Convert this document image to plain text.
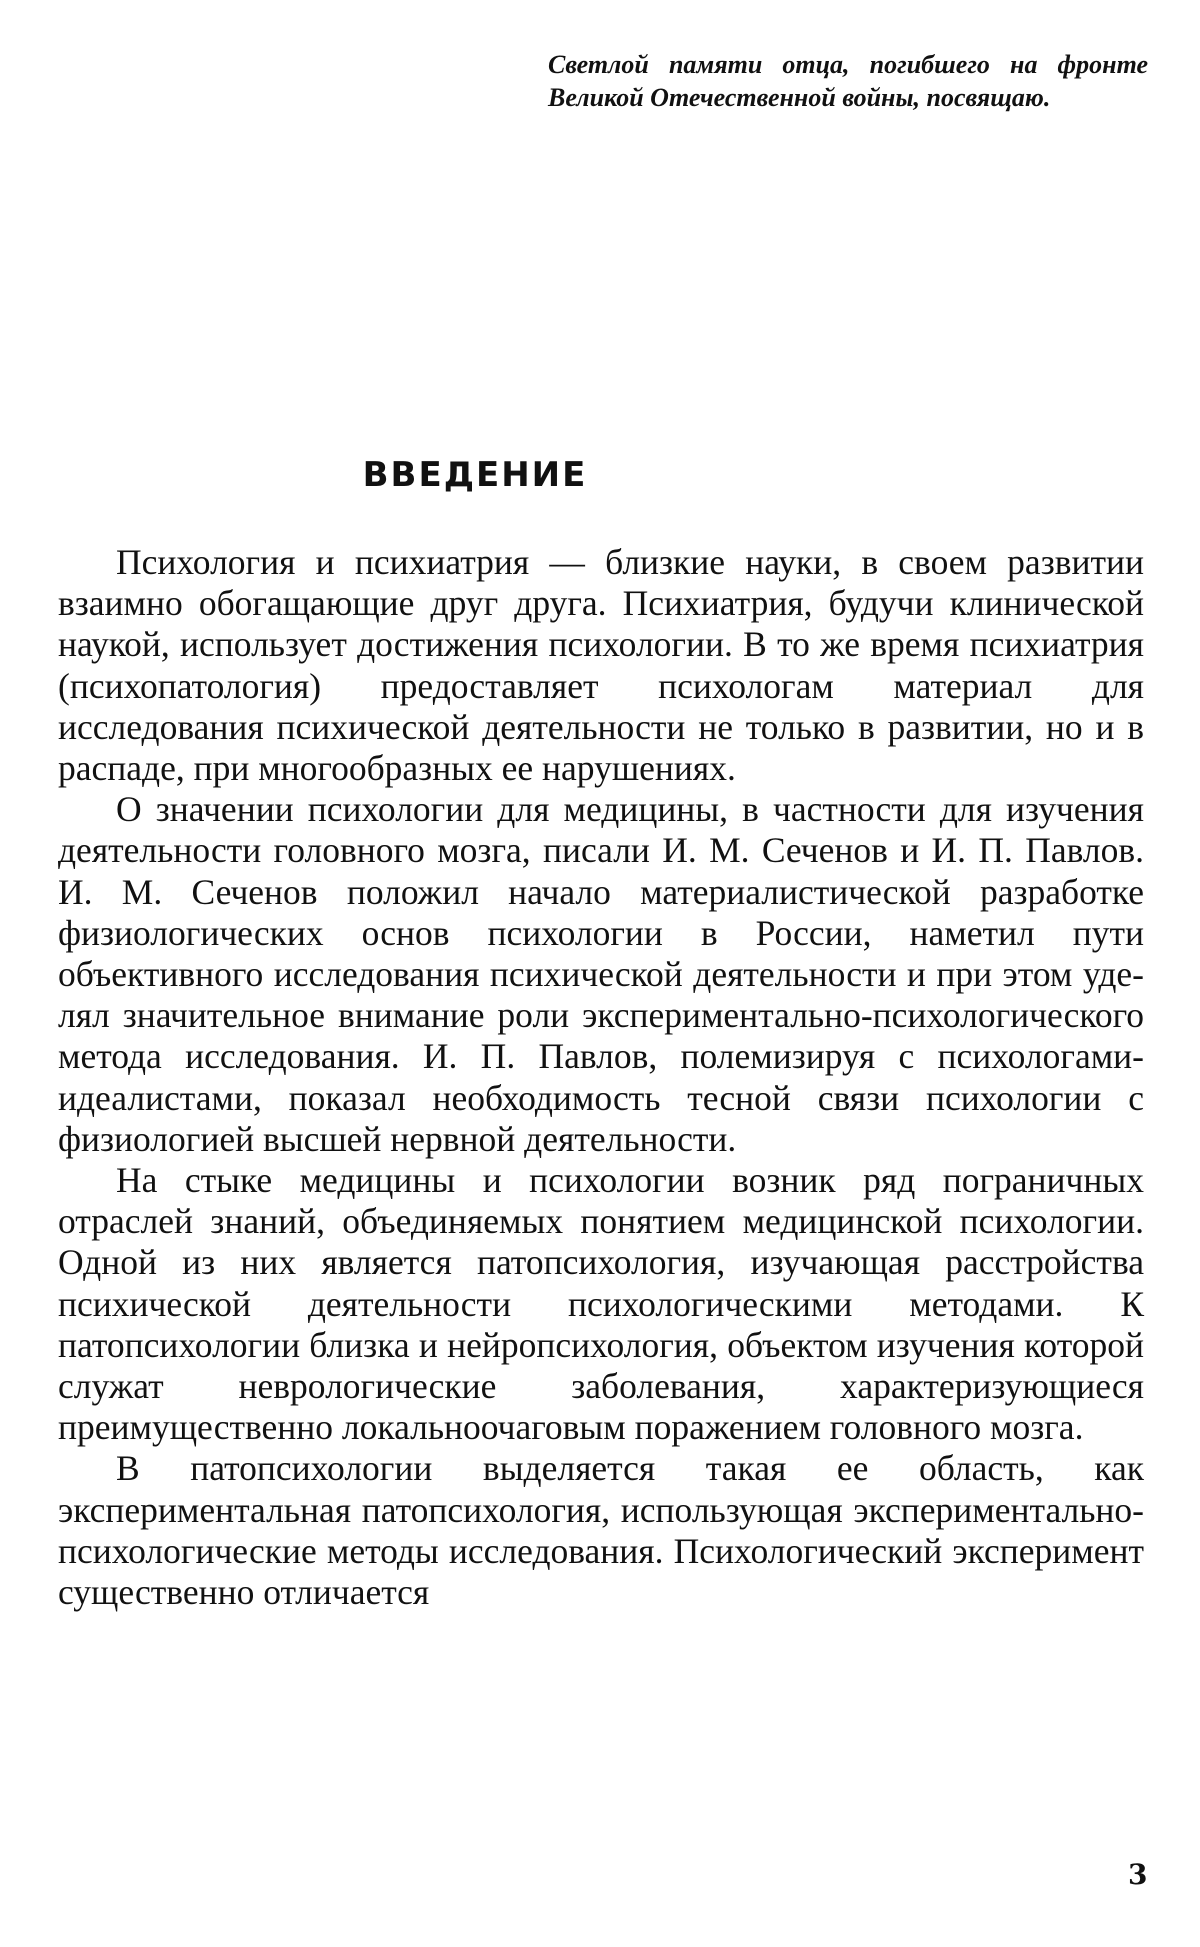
Светлой памяти отца, погибшего на фронте Великой Отечественной войны, посвящаю.
ВВЕДЕНИЕ

Психология и психиатрия — близкие науки, в своем развитии взаимно обогащающие друг друга. Психиатрия, будучи клинической наукой, использует достижения психологии. В то же время психиатрия (психопатология) предоставляет психологам материал для исследования психической деятельности не только в развитии, но и в распаде, при многообразных ее нарушениях.

О значении психологии для медицины, в частности для изучения деятельности головного мозга, писали И. М. Сеченов и И. П. Павлов. И. М. Сеченов положил начало материалистической разработке физиологических основ психологии в России, наметил пути объективного исследования психической деятельности и при этом уделял значительное внимание роли экспериментально-психологического метода исследования. И. П. Павлов, полемизируя с психологами-идеалистами, показал необходимость тесной связи психологии с физиологией высшей нервной деятельности.

На стыке медицины и психологии возник ряд пограничных отраслей знаний, объединяемых понятием медицинской психологии. Одной из них является патопсихология, изучающая расстройства психической деятельности психологическими методами. К патопсихологии близка и нейропсихология, объектом изучения которой служат неврологические заболевания, характеризующиеся преимущественно локальноочаговым поражением головного мозга.

В патопсихологии выделяется такая ее область, как экспериментальная патопсихология, использующая экспериментально-психологические методы исследования. Психологический эксперимент существенно отличается

3
